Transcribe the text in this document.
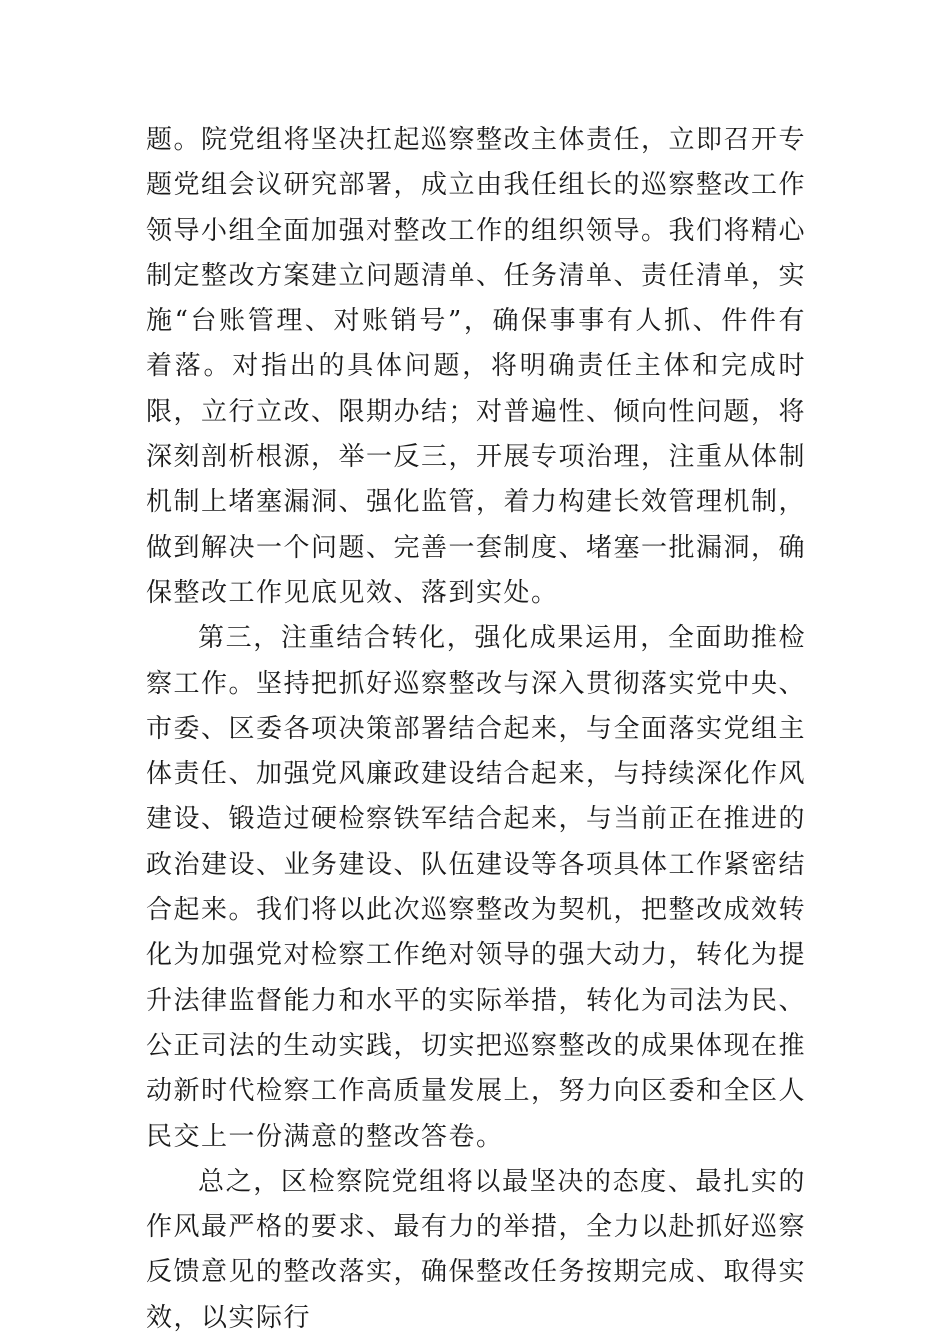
题。院党组将坚决扛起巡察整改主体责任，立即召开专题党组会议研究部署，成立由我任组长的巡察整改工作领导小组全面加强对整改工作的组织领导。我们将精心制定整改方案建立问题清单、任务清单、责任清单，实施“台账管理、对账销号”，确保事事有人抓、件件有着落。对指出的具体问题，将明确责任主体和完成时限，立行立改、限期办结；对普遍性、倾向性问题，将深刻剖析根源，举一反三，开展专项治理，注重从体制机制上堵塞漏洞、强化监管，着力构建长效管理机制，做到解决一个问题、完善一套制度、堵塞一批漏洞，确保整改工作见底见效、落到实处。

第三，注重结合转化，强化成果运用，全面助推检察工作。坚持把抓好巡察整改与深入贯彻落实党中央、市委、区委各项决策部署结合起来，与全面落实党组主体责任、加强党风廉政建设结合起来，与持续深化作风建设、锻造过硬检察铁军结合起来，与当前正在推进的政治建设、业务建设、队伍建设等各项具体工作紧密结合起来。我们将以此次巡察整改为契机，把整改成效转化为加强党对检察工作绝对领导的强大动力，转化为提升法律监督能力和水平的实际举措，转化为司法为民、公正司法的生动实践，切实把巡察整改的成果体现在推动新时代检察工作高质量发展上，努力向区委和全区人民交上一份满意的整改答卷。

总之，区检察院党组将以最坚决的态度、最扎实的作风最严格的要求、最有力的举措，全力以赴抓好巡察反馈意见的整改落实，确保整改任务按期完成、取得实效，以实际行
